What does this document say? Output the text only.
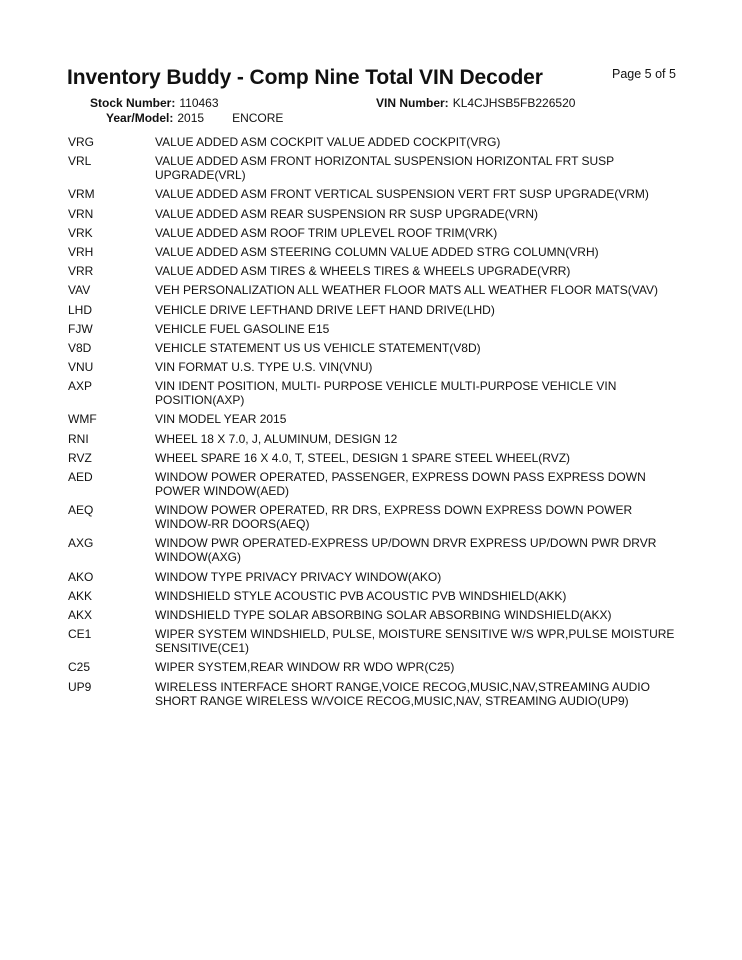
Inventory Buddy - Comp Nine Total VIN Decoder	Page 5 of 5
Stock Number: 110463	VIN Number: KL4CJHSB5FB226520
Year/Model: 2015 ENCORE
VRG	VALUE ADDED ASM COCKPIT VALUE ADDED COCKPIT(VRG)
VRL	VALUE ADDED ASM FRONT HORIZONTAL SUSPENSION HORIZONTAL FRT SUSP UPGRADE(VRL)
VRM	VALUE ADDED ASM FRONT VERTICAL SUSPENSION VERT FRT SUSP UPGRADE(VRM)
VRN	VALUE ADDED ASM REAR SUSPENSION RR SUSP UPGRADE(VRN)
VRK	VALUE ADDED ASM ROOF TRIM UPLEVEL ROOF TRIM(VRK)
VRH	VALUE ADDED ASM STEERING COLUMN VALUE ADDED STRG COLUMN(VRH)
VRR	VALUE ADDED ASM TIRES & WHEELS TIRES & WHEELS UPGRADE(VRR)
VAV	VEH PERSONALIZATION ALL WEATHER FLOOR MATS ALL WEATHER FLOOR MATS(VAV)
LHD	VEHICLE DRIVE LEFTHAND DRIVE LEFT HAND DRIVE(LHD)
FJW	VEHICLE FUEL GASOLINE E15
V8D	VEHICLE STATEMENT US US VEHICLE STATEMENT(V8D)
VNU	VIN FORMAT U.S. TYPE U.S. VIN(VNU)
AXP	VIN IDENT POSITION, MULTI- PURPOSE VEHICLE MULTI-PURPOSE VEHICLE VIN POSITION(AXP)
WMF	VIN MODEL YEAR 2015
RNI	WHEEL 18 X 7.0, J, ALUMINUM, DESIGN 12
RVZ	WHEEL SPARE 16 X 4.0, T, STEEL, DESIGN 1 SPARE STEEL WHEEL(RVZ)
AED	WINDOW POWER OPERATED, PASSENGER, EXPRESS DOWN PASS EXPRESS DOWN POWER WINDOW(AED)
AEQ	WINDOW POWER OPERATED, RR DRS, EXPRESS DOWN EXPRESS DOWN POWER WINDOW-RR DOORS(AEQ)
AXG	WINDOW PWR OPERATED-EXPRESS UP/DOWN DRVR EXPRESS UP/DOWN PWR DRVR WINDOW(AXG)
AKO	WINDOW TYPE PRIVACY PRIVACY WINDOW(AKO)
AKK	WINDSHIELD STYLE ACOUSTIC PVB ACOUSTIC PVB WINDSHIELD(AKK)
AKX	WINDSHIELD TYPE SOLAR ABSORBING SOLAR ABSORBING WINDSHIELD(AKX)
CE1	WIPER SYSTEM WINDSHIELD, PULSE, MOISTURE SENSITIVE W/S WPR,PULSE MOISTURE SENSITIVE(CE1)
C25	WIPER SYSTEM,REAR WINDOW RR WDO WPR(C25)
UP9	WIRELESS INTERFACE SHORT RANGE,VOICE RECOG,MUSIC,NAV,STREAMING AUDIO SHORT RANGE WIRELESS W/VOICE RECOG,MUSIC,NAV, STREAMING AUDIO(UP9)
